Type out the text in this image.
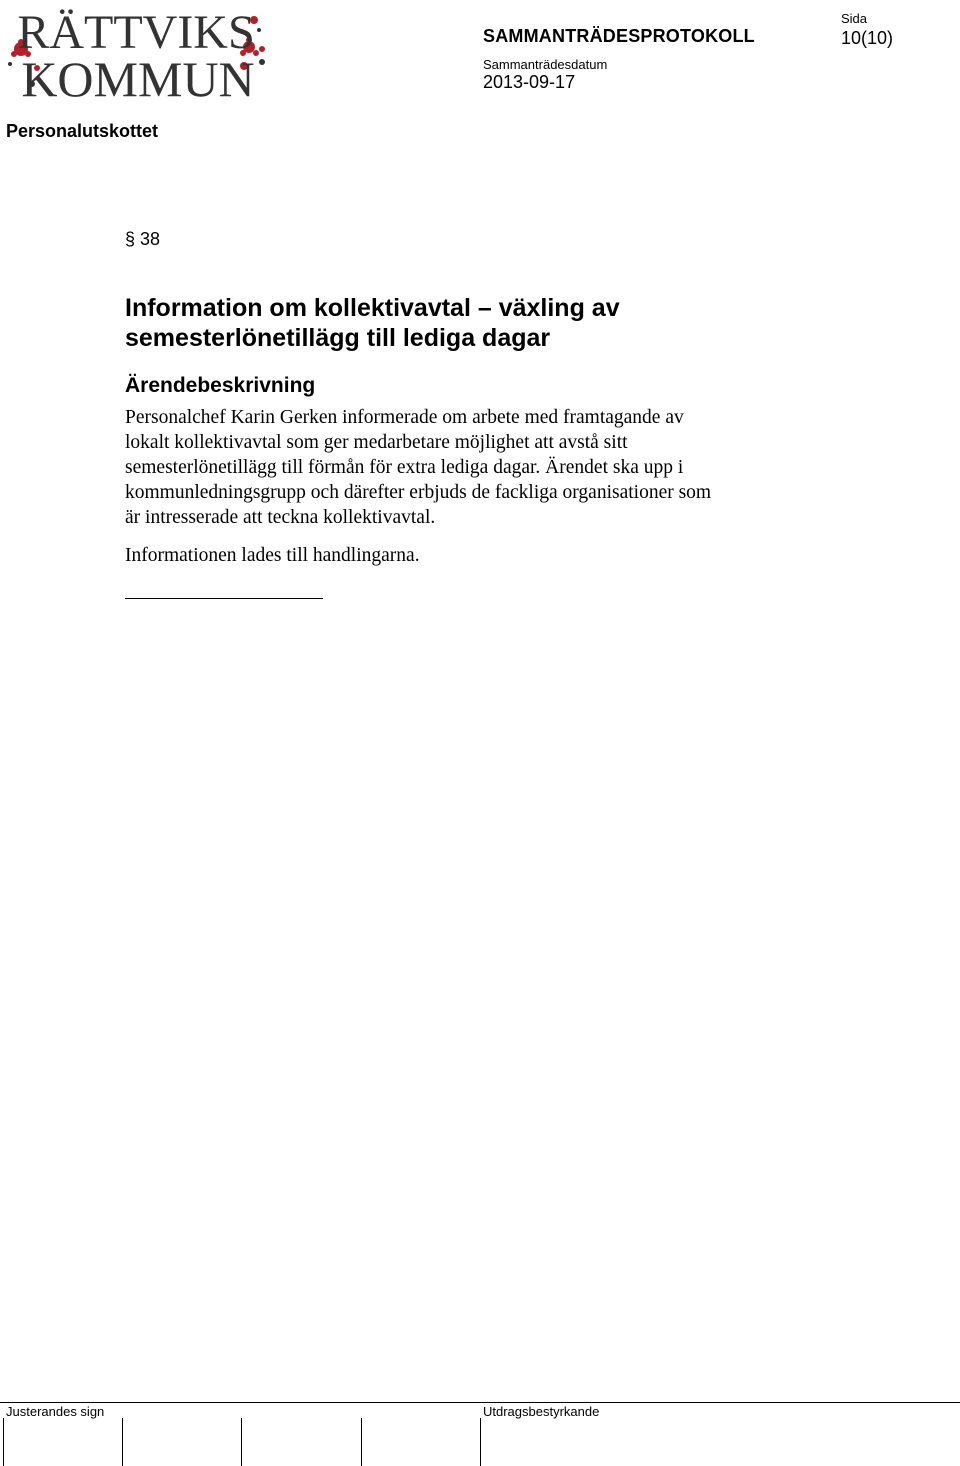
RÄTTVIKS
KOMMUN
SAMMANTRÄDESPROTOKOLL
Sammanträdesdatum
2013-09-17
Sida
10(10)
Personalutskottet
§ 38
Information om kollektivavtal – växling av
semesterlönetillägg till lediga dagar
Ärendebeskrivning

Personalchef Karin Gerken informerade om arbete med framtagande av
lokalt kollektivavtal som ger medarbetare möjlighet att avstå sitt
semesterlönetillägg till förmån för extra lediga dagar. Ärendet ska upp i
kommunledningsgrupp och därefter erbjuds de fackliga organisationer som
är intresserade att teckna kollektivavtal.

Informationen lades till handlingarna.
Justerandes sign	Utdragsbestyrkande
